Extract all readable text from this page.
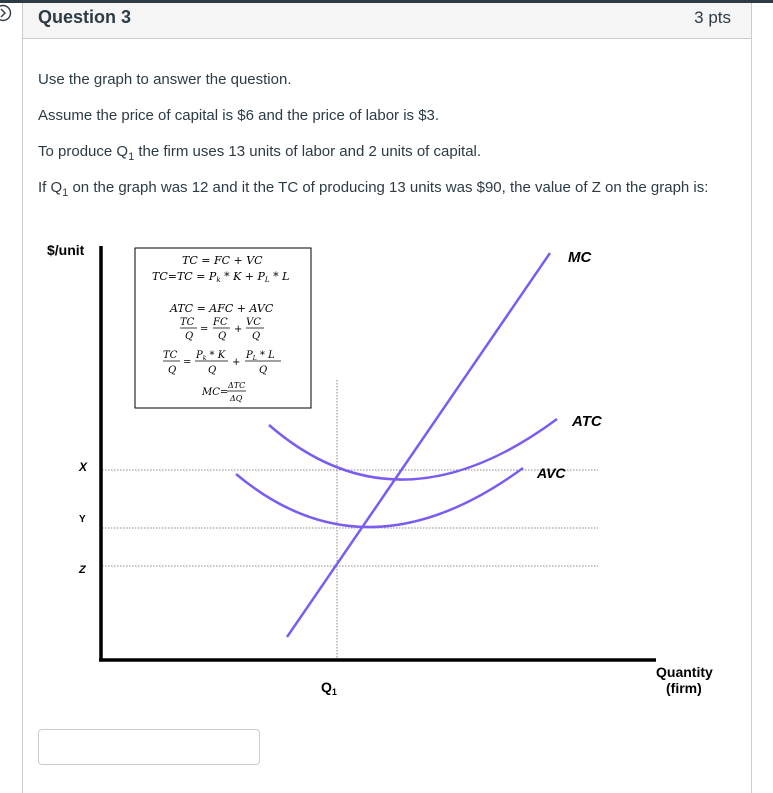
Question 3	3 pts
Use the graph to answer the question.
Assume the price of capital is $6 and the price of labor is $3.
To produce $Q_1$ the firm uses 13 units of labor and 2 units of capital.
If $Q_1$ on the graph was 12 and it the TC of producing 13 units was $90, the value of Z on the graph is:
$/unit
Quantity
(firm)
$Q_1$
X
Y
Z
MC
ATC
AVC
TC = FC + VC
TC=TC = Pk * K + PL * L
ATC = AFC + AVC
TC
Q
=
FC
Q
+
VC
Q
TC
Q
=
$P_k$ * K
Q
+
$P_L$ * L
Q
MC=
ΔTC
ΔQ
